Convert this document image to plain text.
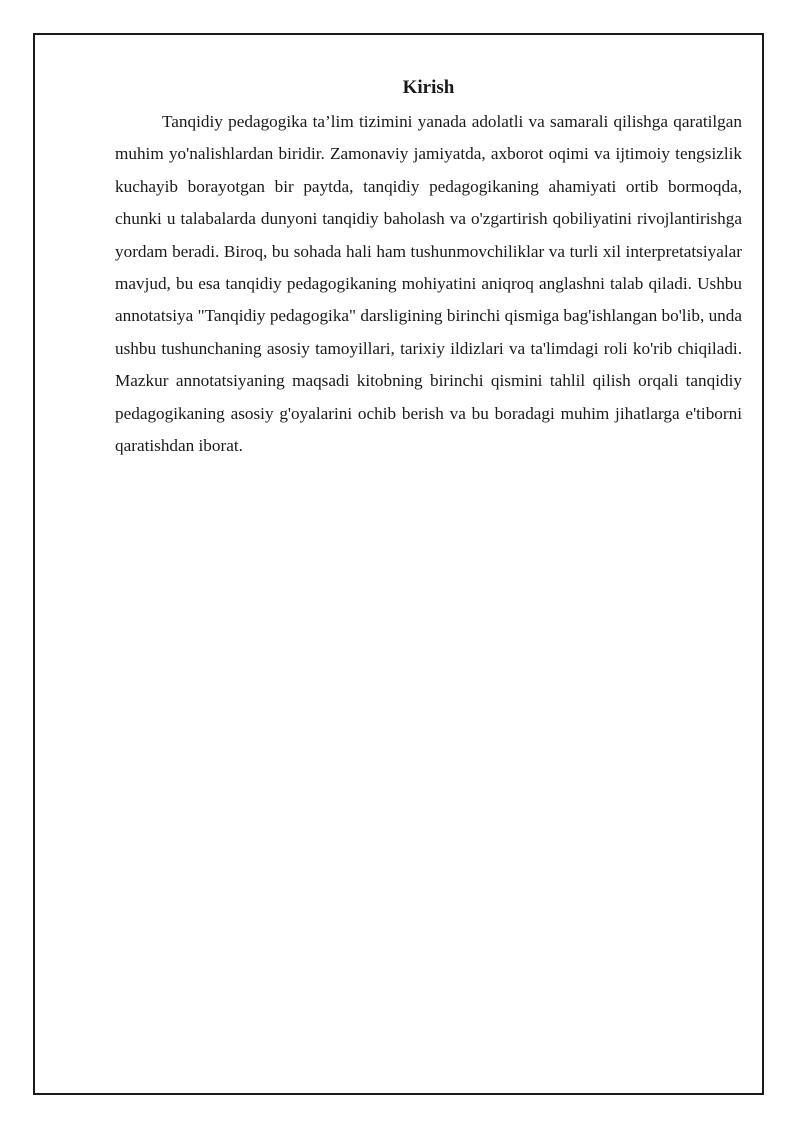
Kirish

Tanqidiy pedagogika ta’lim tizimini yanada adolatli va samarali qilishga qaratilgan muhim yo'nalishlardan biridir. Zamonaviy jamiyatda, axborot oqimi va ijtimoiy tengsizlik kuchayib borayotgan bir paytda, tanqidiy pedagogikaning ahamiyati ortib bormoqda, chunki u talabalarda dunyoni tanqidiy baholash va o'zgartirish qobiliyatini rivojlantirishga yordam beradi. Biroq, bu sohada hali ham tushunmovchiliklar va turli xil interpretatsiyalar mavjud, bu esa tanqidiy pedagogikaning mohiyatini aniqroq anglashni talab qiladi. Ushbu annotatsiya "Tanqidiy pedagogika" darsligining birinchi qismiga bag'ishlangan bo'lib, unda ushbu tushunchaning asosiy tamoyillari, tarixiy ildizlari va ta'limdagi roli ko'rib chiqiladi. Mazkur annotatsiyaning maqsadi kitobning birinchi qismini tahlil qilish orqali tanqidiy pedagogikaning asosiy g'oyalarini ochib berish va bu boradagi muhim jihatlarga e'tiborni qaratishdan iborat.
